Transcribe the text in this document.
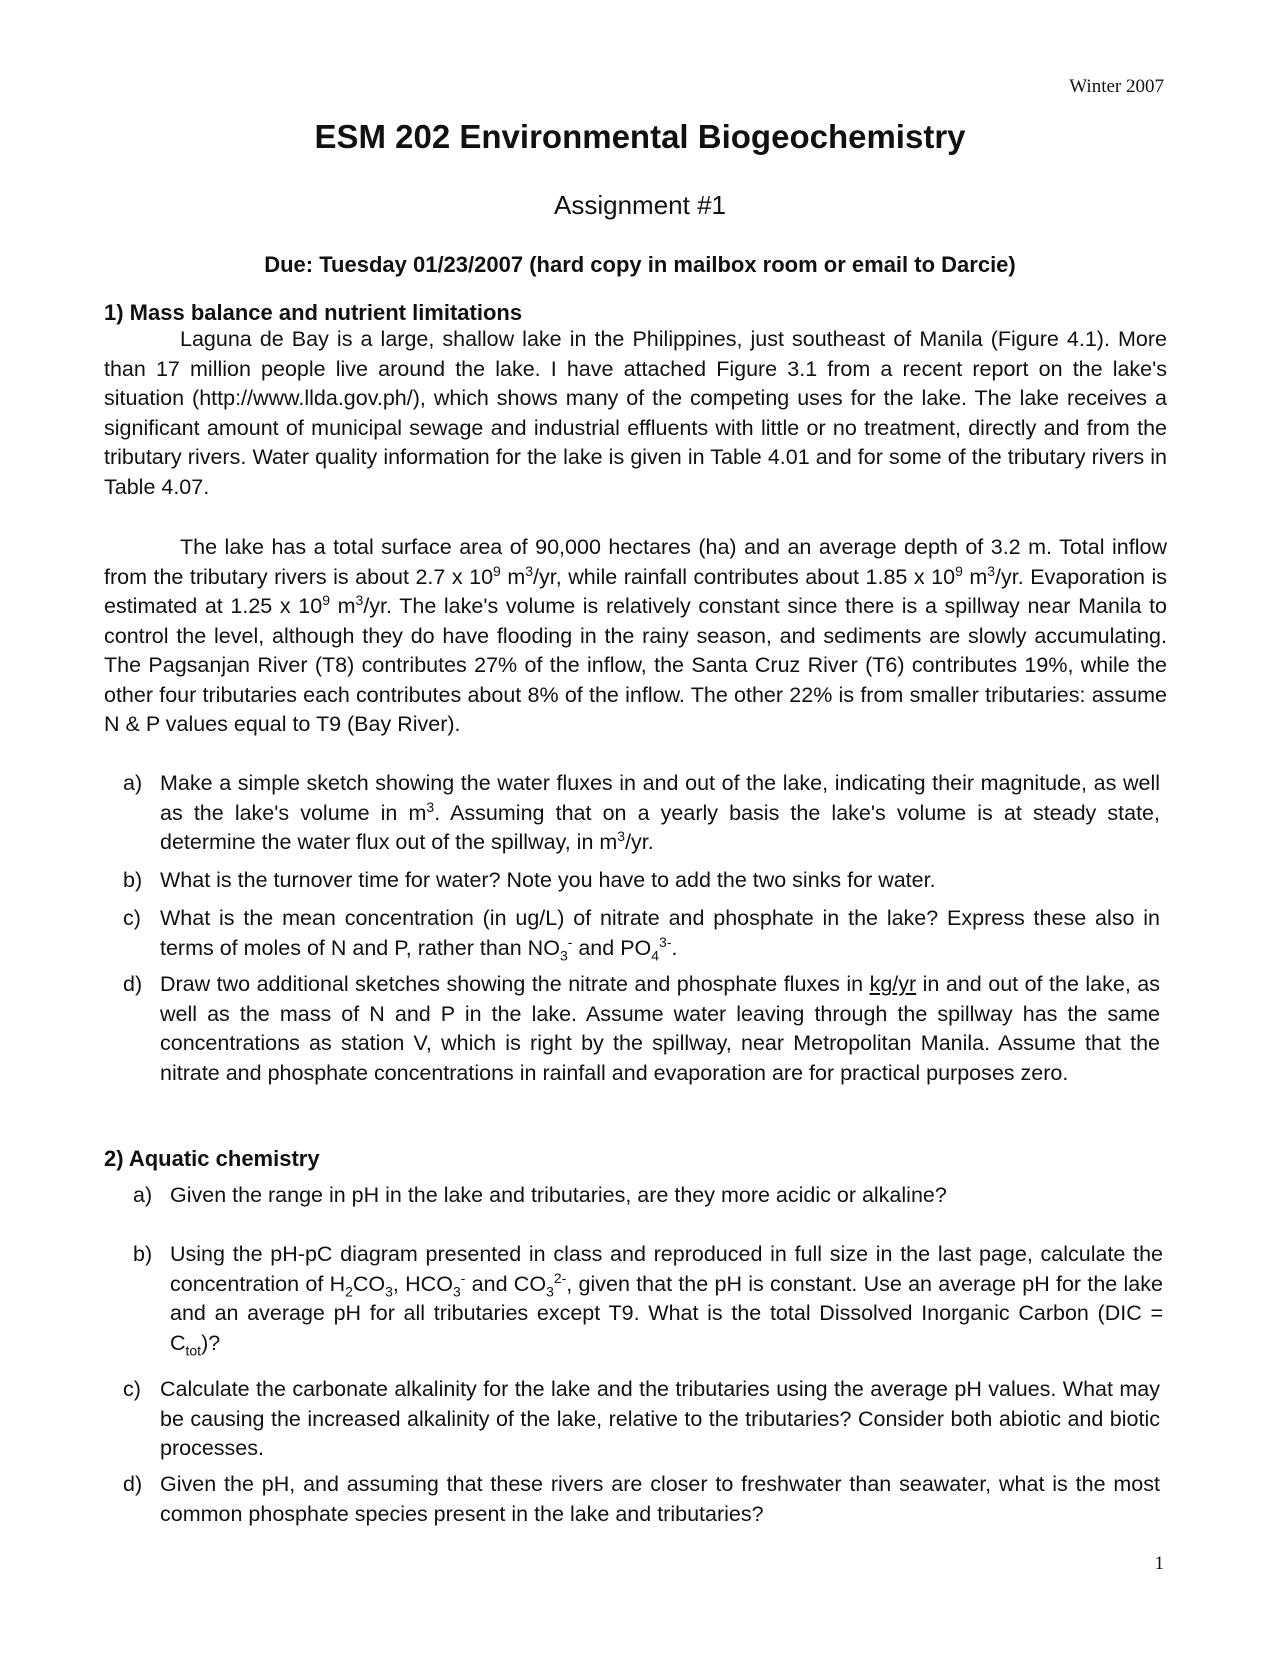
Winter 2007
ESM 202 Environmental Biogeochemistry
Assignment #1
Due: Tuesday 01/23/2007 (hard copy in mailbox room or email to Darcie)
1) Mass balance and nutrient limitations

Laguna de Bay is a large, shallow lake in the Philippines, just southeast of Manila (Figure 4.1). More than 17 million people live around the lake. I have attached Figure 3.1 from a recent report on the lake's situation (http://www.llda.gov.ph/), which shows many of the competing uses for the lake. The lake receives a significant amount of municipal sewage and industrial effluents with little or no treatment, directly and from the tributary rivers. Water quality information for the lake is given in Table 4.01 and for some of the tributary rivers in Table 4.07.

The lake has a total surface area of 90,000 hectares (ha) and an average depth of 3.2 m. Total inflow from the tributary rivers is about 2.7 x $10^9$ $m^3/yr$, while rainfall contributes about 1.85 x $10^9$ $m^3/yr$. Evaporation is estimated at 1.25 x $10^9$ $m^3/yr$. The lake's volume is relatively constant since there is a spillway near Manila to control the level, although they do have flooding in the rainy season, and sediments are slowly accumulating. The Pagsanjan River (T8) contributes 27% of the inflow, the Santa Cruz River (T6) contributes 19%, while the other four tributaries each contributes about 8% of the inflow. The other 22% is from smaller tributaries: assume N & P values equal to T9 (Bay River).

a) Make a simple sketch showing the water fluxes in and out of the lake, indicating their magnitude, as well as the lake's volume in $m^3$. Assuming that on a yearly basis the lake's volume is at steady state, determine the water flux out of the spillway, in $m^3/yr$.

b) What is the turnover time for water? Note you have to add the two sinks for water.

c) What is the mean concentration (in ug/L) of nitrate and phosphate in the lake? Express these also in terms of moles of N and P, rather than $NO_3^-$ and $PO_4^{3-}$.

d) Draw two additional sketches showing the nitrate and phosphate fluxes in kg/yr in and out of the lake, as well as the mass of N and P in the lake. Assume water leaving through the spillway has the same concentrations as station V, which is right by the spillway, near Metropolitan Manila. Assume that the nitrate and phosphate concentrations in rainfall and evaporation are for practical purposes zero.

2) Aquatic chemistry

a) Given the range in pH in the lake and tributaries, are they more acidic or alkaline?

b) Using the pH-pC diagram presented in class and reproduced in full size in the last page, calculate the concentration of $H_2CO_3$, $HCO_3^-$ and $CO_3^{2-}$, given that the pH is constant. Use an average pH for the lake and an average pH for all tributaries except T9. What is the total Dissolved Inorganic Carbon $(DIC = C_{tot})$?

c) Calculate the carbonate alkalinity for the lake and the tributaries using the average pH values. What may be causing the increased alkalinity of the lake, relative to the tributaries? Consider both abiotic and biotic processes.

d) Given the pH, and assuming that these rivers are closer to freshwater than seawater, what is the most common phosphate species present in the lake and tributaries?

1
